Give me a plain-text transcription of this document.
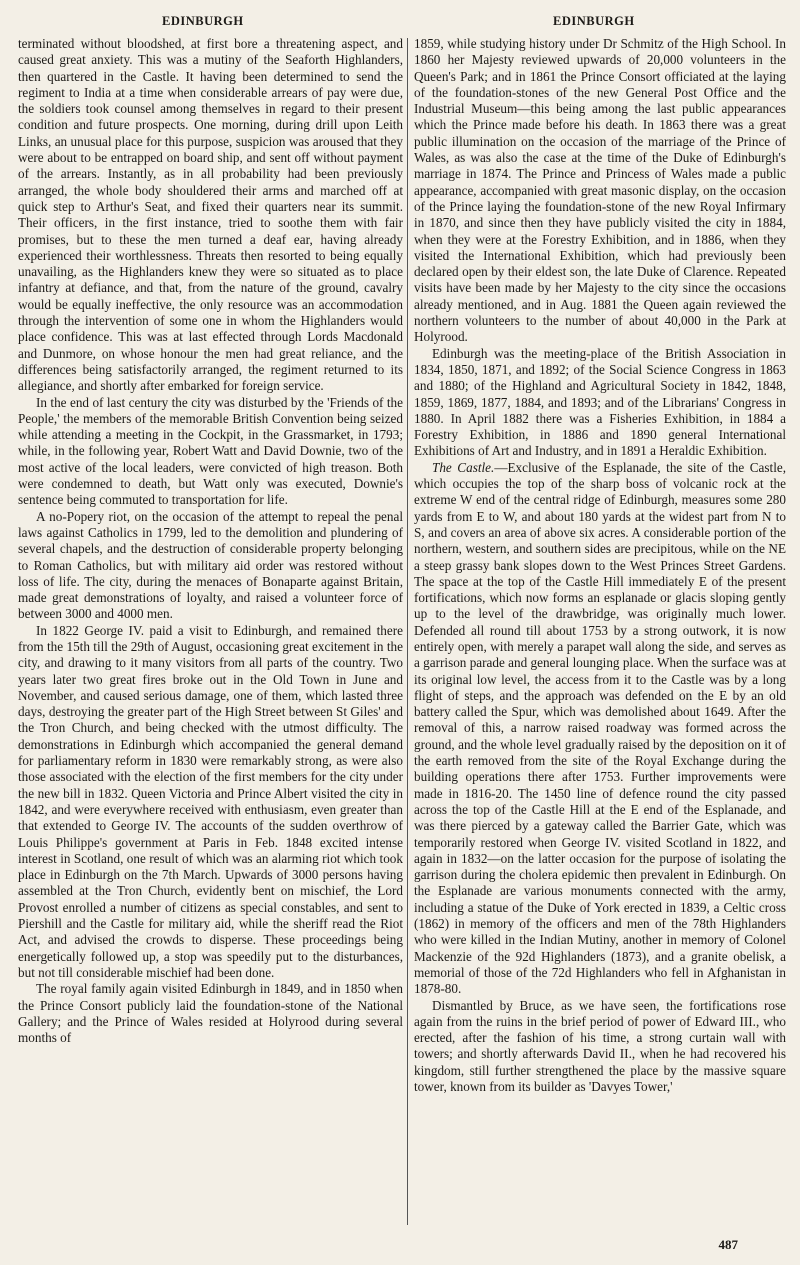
EDINBURGH	EDINBURGH

terminated without bloodshed, at first bore a threatening aspect, and caused great anxiety. This was a mutiny of the Seaforth Highlanders, then quartered in the Castle. It having been determined to send the regiment to India at a time when considerable arrears of pay were due, the soldiers took counsel among themselves in regard to their present condition and future prospects. One morning, during drill upon Leith Links, an unusual place for this purpose, suspicion was aroused that they were about to be entrapped on board ship, and sent off without payment of the arrears. Instantly, as in all probability had been previously arranged, the whole body shouldered their arms and marched off at quick step to Arthur's Seat, and fixed their quarters near its summit. Their officers, in the first instance, tried to soothe them with fair promises, but to these the men turned a deaf ear, having already experienced their worthlessness. Threats then resorted to being equally unavailing, as the Highlanders knew they were so situated as to place infantry at defiance, and that, from the nature of the ground, cavalry would be equally ineffective, the only resource was an accommodation through the intervention of some one in whom the Highlanders would place confidence. This was at last effected through Lords Macdonald and Dunmore, on whose honour the men had great reliance, and the differences being satisfactorily arranged, the regiment returned to its allegiance, and shortly after embarked for foreign service.

In the end of last century the city was disturbed by the 'Friends of the People,' the members of the memorable British Convention being seized while attending a meeting in the Cockpit, in the Grassmarket, in 1793; while, in the following year, Robert Watt and David Downie, two of the most active of the local leaders, were convicted of high treason. Both were condemned to death, but Watt only was executed, Downie's sentence being commuted to transportation for life.

A no-Popery riot, on the occasion of the attempt to repeal the penal laws against Catholics in 1799, led to the demolition and plundering of several chapels, and the destruction of considerable property belonging to Roman Catholics, but with military aid order was restored without loss of life. The city, during the menaces of Bonaparte against Britain, made great demonstrations of loyalty, and raised a volunteer force of between 3000 and 4000 men.

In 1822 George IV. paid a visit to Edinburgh, and remained there from the 15th till the 29th of August, occasioning great excitement in the city, and drawing to it many visitors from all parts of the country. Two years later two great fires broke out in the Old Town in June and November, and caused serious damage, one of them, which lasted three days, destroying the greater part of the High Street between St Giles' and the Tron Church, and being checked with the utmost difficulty. The demonstrations in Edinburgh which accompanied the general demand for parliamentary reform in 1830 were remarkably strong, as were also those associated with the election of the first members for the city under the new bill in 1832. Queen Victoria and Prince Albert visited the city in 1842, and were everywhere received with enthusiasm, even greater than that extended to George IV. The accounts of the sudden overthrow of Louis Philippe's government at Paris in Feb. 1848 excited intense interest in Scotland, one result of which was an alarming riot which took place in Edinburgh on the 7th March. Upwards of 3000 persons having assembled at the Tron Church, evidently bent on mischief, the Lord Provost enrolled a number of citizens as special constables, and sent to Piershill and the Castle for military aid, while the sheriff read the Riot Act, and advised the crowds to disperse. These proceedings being energetically followed up, a stop was speedily put to the disturbances, but not till considerable mischief had been done.

The royal family again visited Edinburgh in 1849, and in 1850 when the Prince Consort publicly laid the foundation-stone of the National Gallery; and the Prince of Wales resided at Holyrood during several months of

1859, while studying history under Dr Schmitz of the High School. In 1860 her Majesty reviewed upwards of 20,000 volunteers in the Queen's Park; and in 1861 the Prince Consort officiated at the laying of the foundation-stones of the new General Post Office and the Industrial Museum—this being among the last public appearances which the Prince made before his death. In 1863 there was a great public illumination on the occasion of the marriage of the Prince of Wales, as was also the case at the time of the Duke of Edinburgh's marriage in 1874. The Prince and Princess of Wales made a public appearance, accompanied with great masonic display, on the occasion of the Prince laying the foundation-stone of the new Royal Infirmary in 1870, and since then they have publicly visited the city in 1884, when they were at the Forestry Exhibition, and in 1886, when they visited the International Exhibition, which had previously been declared open by their eldest son, the late Duke of Clarence. Repeated visits have been made by her Majesty to the city since the occasions already mentioned, and in Aug. 1881 the Queen again reviewed the northern volunteers to the number of about 40,000 in the Park at Holyrood.

Edinburgh was the meeting-place of the British Association in 1834, 1850, 1871, and 1892; of the Social Science Congress in 1863 and 1880; of the Highland and Agricultural Society in 1842, 1848, 1859, 1869, 1877, 1884, and 1893; and of the Librarians' Congress in 1880. In April 1882 there was a Fisheries Exhibition, in 1884 a Forestry Exhibition, in 1886 and 1890 general International Exhibitions of Art and Industry, and in 1891 a Heraldic Exhibition.

The Castle.—Exclusive of the Esplanade, the site of the Castle, which occupies the top of the sharp boss of volcanic rock at the extreme W end of the central ridge of Edinburgh, measures some 280 yards from E to W, and about 180 yards at the widest part from N to S, and covers an area of above six acres. A considerable portion of the northern, western, and southern sides are precipitous, while on the NE a steep grassy bank slopes down to the West Princes Street Gardens. The space at the top of the Castle Hill immediately E of the present fortifications, which now forms an esplanade or glacis sloping gently up to the level of the drawbridge, was originally much lower. Defended all round till about 1753 by a strong outwork, it is now entirely open, with merely a parapet wall along the side, and serves as a garrison parade and general lounging place. When the surface was at its original low level, the access from it to the Castle was by a long flight of steps, and the approach was defended on the E by an old battery called the Spur, which was demolished about 1649. After the removal of this, a narrow raised roadway was formed across the ground, and the whole level gradually raised by the deposition on it of the earth removed from the site of the Royal Exchange during the building operations there after 1753. Further improvements were made in 1816-20. The 1450 line of defence round the city passed across the top of the Castle Hill at the E end of the Esplanade, and was there pierced by a gateway called the Barrier Gate, which was temporarily restored when George IV. visited Scotland in 1822, and again in 1832—on the latter occasion for the purpose of isolating the garrison during the cholera epidemic then prevalent in Edinburgh. On the Esplanade are various monuments connected with the army, including a statue of the Duke of York erected in 1839, a Celtic cross (1862) in memory of the officers and men of the 78th Highlanders who were killed in the Indian Mutiny, another in memory of Colonel Mackenzie of the 92d Highlanders (1873), and a granite obelisk, a memorial of those of the 72d Highlanders who fell in Afghanistan in 1878-80.

Dismantled by Bruce, as we have seen, the fortifications rose again from the ruins in the brief period of power of Edward III., who erected, after the fashion of his time, a strong curtain wall with towers; and shortly afterwards David II., when he had recovered his kingdom, still further strengthened the place by the massive square tower, known from its builder as 'Davyes Tower,'

487
